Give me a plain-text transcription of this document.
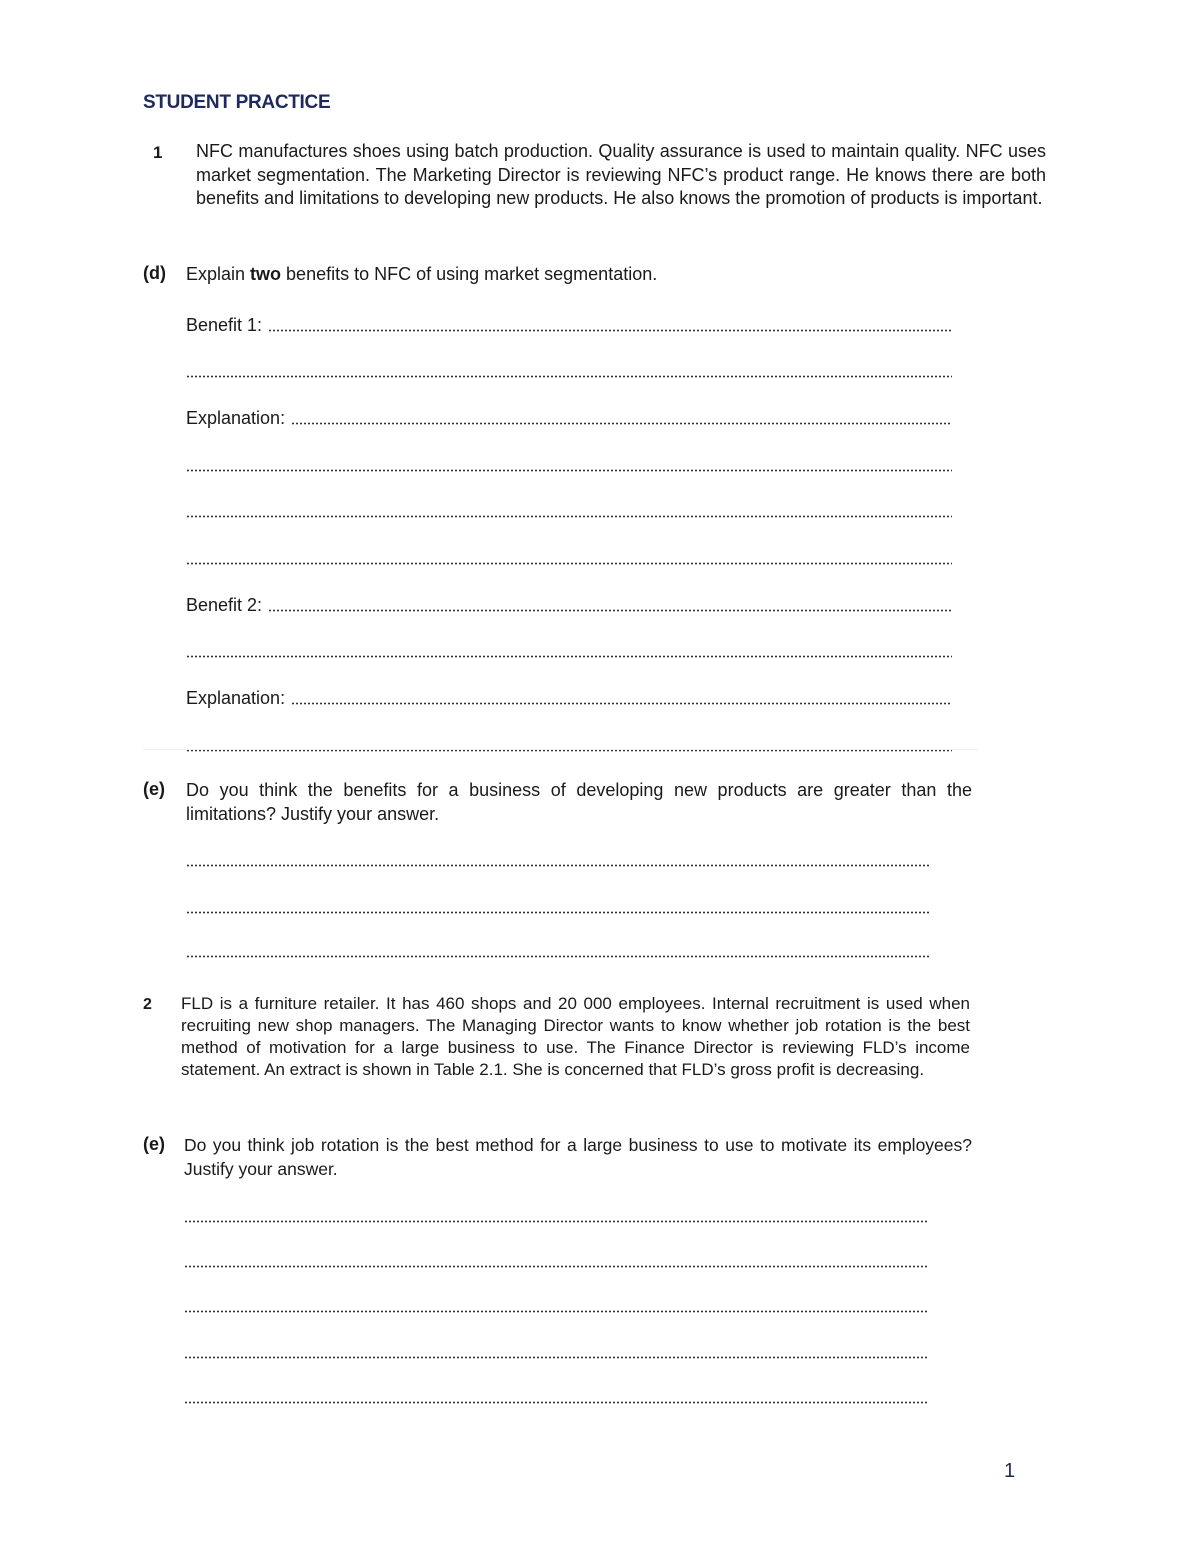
STUDENT PRACTICE
1 NFC manufactures shoes using batch production. Quality assurance is used to maintain quality. NFC uses market segmentation. The Marketing Director is reviewing NFC’s product range. He knows there are both benefits and limitations to developing new products. He also knows the promotion of products is important.
(d) Explain two benefits to NFC of using market segmentation.
Benefit 1:
Explanation:
Benefit 2:
Explanation:
(e) Do you think the benefits for a business of developing new products are greater than the limitations? Justify your answer.
2 FLD is a furniture retailer. It has 460 shops and 20 000 employees. Internal recruitment is used when recruiting new shop managers. The Managing Director wants to know whether job rotation is the best method of motivation for a large business to use. The Finance Director is reviewing FLD’s income statement. An extract is shown in Table 2.1. She is concerned that FLD’s gross profit is decreasing.
(e) Do you think job rotation is the best method for a large business to use to motivate its employees? Justify your answer.
1
